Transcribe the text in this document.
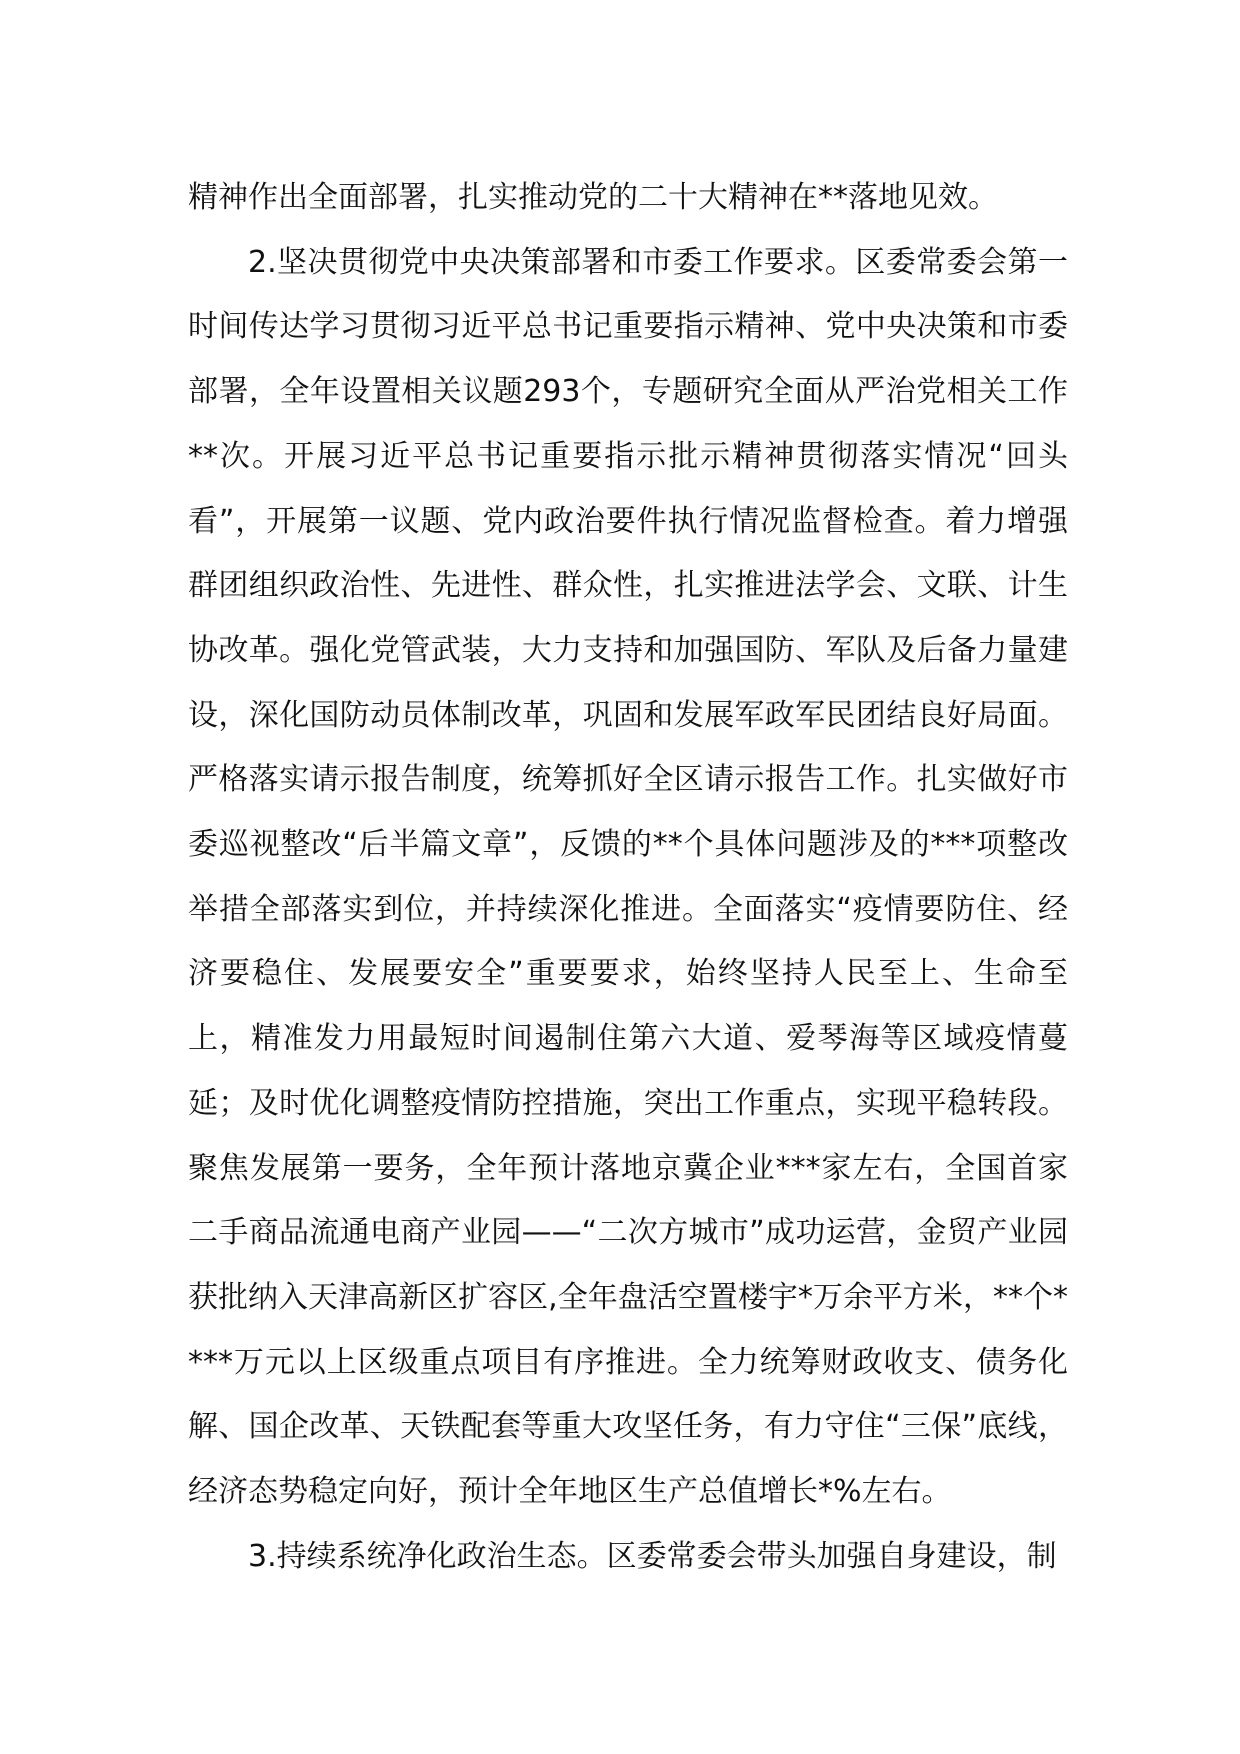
精神作出全面部署，扎实推动党的二十大精神在**落地见效。

2.坚决贯彻党中央决策部署和市委工作要求。区委常委会第一时间传达学习贯彻习近平总书记重要指示精神、党中央决策和市委部署，全年设置相关议题293个，专题研究全面从严治党相关工作**次。开展习近平总书记重要指示批示精神贯彻落实情况“回头看”，开展第一议题、党内政治要件执行情况监督检查。着力增强群团组织政治性、先进性、群众性，扎实推进法学会、文联、计生协改革。强化党管武装，大力支持和加强国防、军队及后备力量建设，深化国防动员体制改革，巩固和发展军政军民团结良好局面。严格落实请示报告制度，统筹抓好全区请示报告工作。扎实做好市委巡视整改“后半篇文章”，反馈的**个具体问题涉及的***项整改举措全部落实到位，并持续深化推进。全面落实“疫情要防住、经济要稳住、发展要安全”重要要求，始终坚持人民至上、生命至上，精准发力用最短时间遏制住第六大道、爱琴海等区域疫情蔓延；及时优化调整疫情防控措施，突出工作重点，实现平稳转段。聚焦发展第一要务，全年预计落地京冀企业***家左右，全国首家二手商品流通电商产业园——“二次方城市”成功运营，金贸产业园获批纳入天津高新区扩容区,全年盘活空置楼宇*万余平方米，**个****万元以上区级重点项目有序推进。全力统筹财政收支、债务化解、国企改革、天铁配套等重大攻坚任务，有力守住“三保”底线，经济态势稳定向好，预计全年地区生产总值增长*%左右。

3.持续系统净化政治生态。区委常委会带头加强自身建设，制
